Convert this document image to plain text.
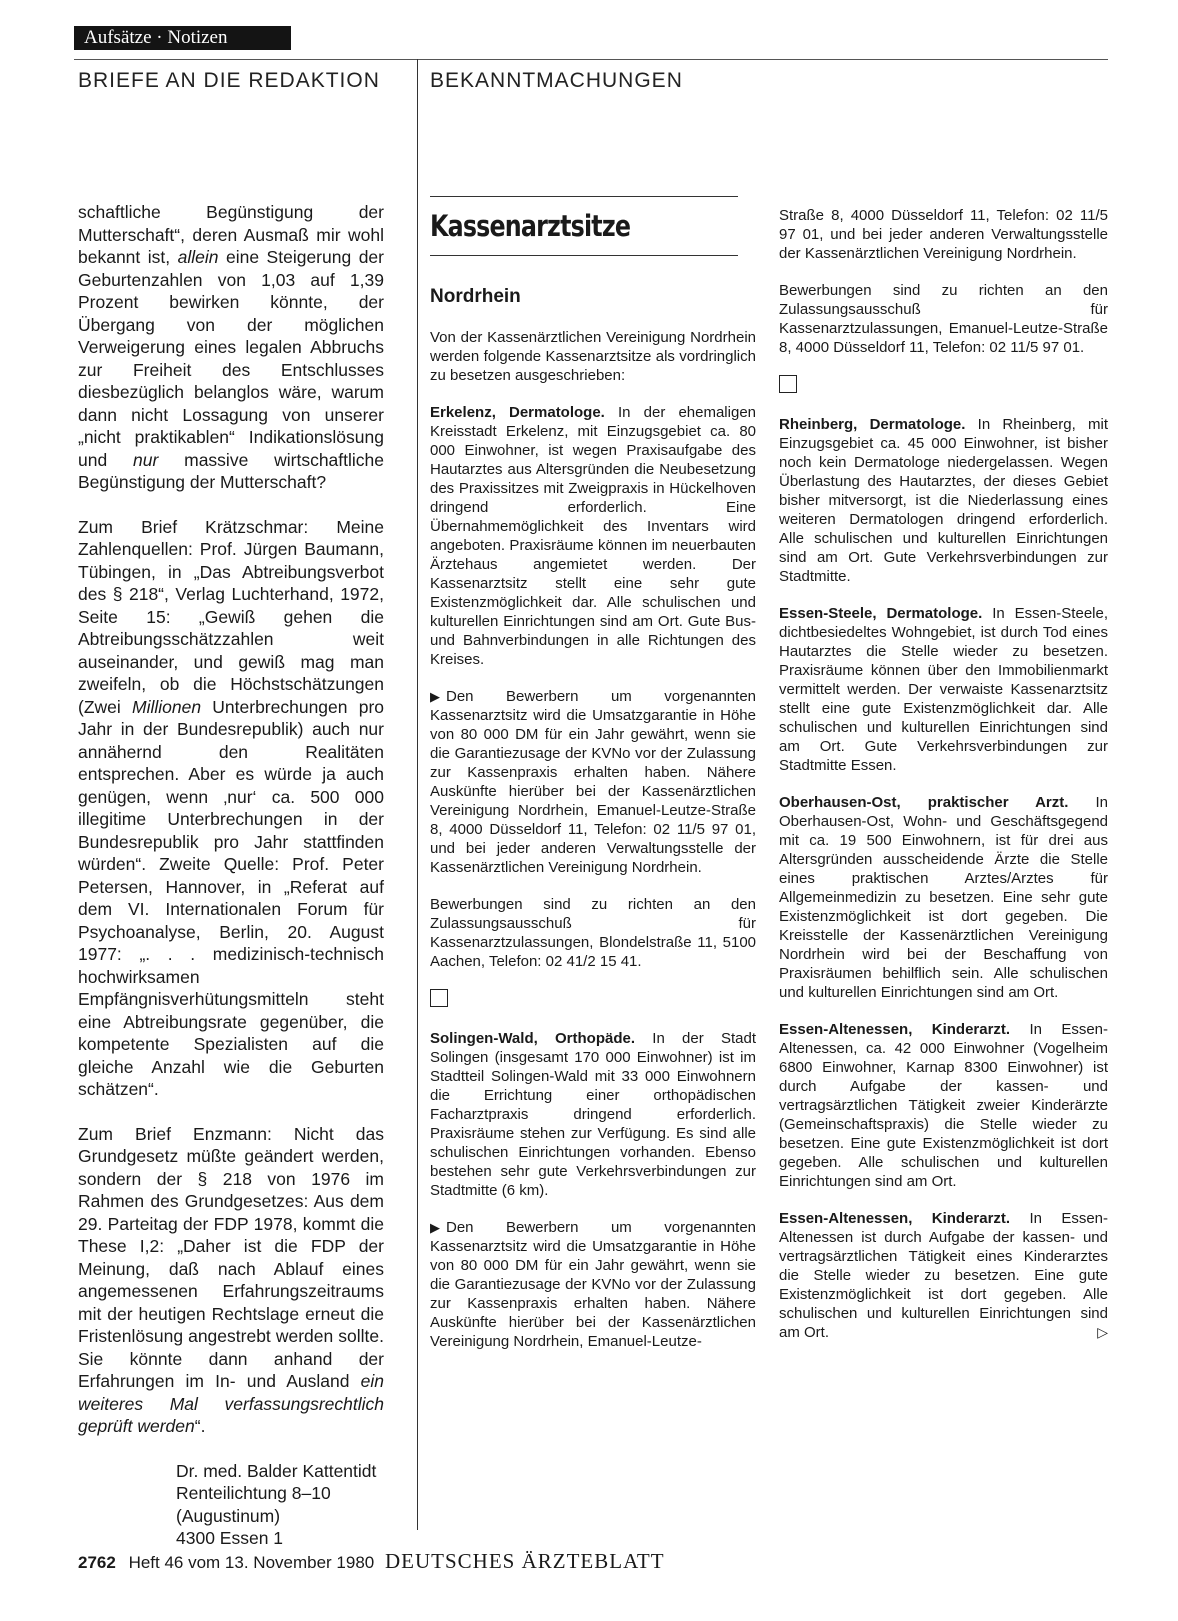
Aufsätze · Notizen
BRIEFE AN DIE REDAKTION BEKANNTMACHUNGEN

schaftliche Begünstigung der Mutterschaft“, deren Ausmaß mir wohl bekannt ist, allein eine Steigerung der Geburtenzahlen von 1,03 auf 1,39 Prozent bewirken könnte, der Übergang von der möglichen Verweigerung eines legalen Abbruchs zur Freiheit des Entschlusses diesbezüglich belanglos wäre, warum dann nicht Lossagung von unserer „nicht praktikablen“ Indikationslösung und nur massive wirtschaftliche Begünstigung der Mutterschaft?

Zum Brief Krätzschmar: Meine Zahlenquellen: Prof. Jürgen Baumann, Tübingen, in „Das Abtreibungsverbot des § 218“, Verlag Luchterhand, 1972, Seite 15: „Gewiß gehen die Abtreibungsschätzzahlen weit auseinander, und gewiß mag man zweifeln, ob die Höchstschätzungen (Zwei Millionen Unterbrechungen pro Jahr in der Bundesrepublik) auch nur annähernd den Realitäten entsprechen. Aber es würde ja auch genügen, wenn ‚nur‘ ca. 500 000 illegitime Unterbrechungen in der Bundesrepublik pro Jahr stattfinden würden“. Zweite Quelle: Prof. Peter Petersen, Hannover, in „Referat auf dem VI. Internationalen Forum für Psychoanalyse, Berlin, 20. August 1977: „. . . medizinisch-technisch hochwirksamen Empfängnisverhütungsmitteln steht eine Abtreibungsrate gegenüber, die kompetente Spezialisten auf die gleiche Anzahl wie die Geburten schätzen“.

Zum Brief Enzmann: Nicht das Grundgesetz müßte geändert werden, sondern der § 218 von 1976 im Rahmen des Grundgesetzes: Aus dem 29. Parteitag der FDP 1978, kommt die These I,2: „Daher ist die FDP der Meinung, daß nach Ablauf eines angemessenen Erfahrungszeitraums mit der heutigen Rechtslage erneut die Fristenlösung angestrebt werden sollte. Sie könnte dann anhand der Erfahrungen im In- und Ausland ein weiteres Mal verfassungsrechtlich geprüft werden“.

Dr. med. Balder Kattentidt

Renteilichtung 8–10

(Augustinum)

4300 Essen 1

Kassenarztsitze
Nordrhein

Von der Kassenärztlichen Vereinigung Nordrhein werden folgende Kassenarztsitze als vordringlich zu besetzen ausgeschrieben:

Erkelenz, Dermatologe. In der ehemaligen Kreisstadt Erkelenz, mit Einzugsgebiet ca. 80 000 Einwohner, ist wegen Praxisaufgabe des Hautarztes aus Altersgründen die Neubesetzung des Praxissitzes mit Zweigpraxis in Hückelhoven dringend erforderlich. Eine Übernahmemöglichkeit des Inventars wird angeboten. Praxisräume können im neuerbauten Ärztehaus angemietet werden. Der Kassenarztsitz stellt eine sehr gute Existenzmöglichkeit dar. Alle schulischen und kulturellen Einrichtungen sind am Ort. Gute Bus- und Bahnverbindungen in alle Richtungen des Kreises.

▶ Den Bewerbern um vorgenannten Kassenarztsitz wird die Umsatzgarantie in Höhe von 80 000 DM für ein Jahr gewährt, wenn sie die Garantiezusage der KVNo vor der Zulassung zur Kassenpraxis erhalten haben. Nähere Auskünfte hierüber bei der Kassenärztlichen Vereinigung Nordrhein, Emanuel-Leutze-Straße 8, 4000 Düsseldorf 11, Telefon: 02 11/5 97 01, und bei jeder anderen Verwaltungsstelle der Kassenärztlichen Vereinigung Nordrhein.

Bewerbungen sind zu richten an den Zulassungsausschuß für Kassenarztzulassungen, Blondelstraße 11, 5100 Aachen, Telefon: 02 41/2 15 41.

Solingen-Wald, Orthopäde. In der Stadt Solingen (insgesamt 170 000 Einwohner) ist im Stadtteil Solingen-Wald mit 33 000 Einwohnern die Errichtung einer orthopädischen Facharztpraxis dringend erforderlich. Praxisräume stehen zur Verfügung. Es sind alle schulischen Einrichtungen vorhanden. Ebenso bestehen sehr gute Verkehrsverbindungen zur Stadtmitte (6 km).

▶ Den Bewerbern um vorgenannten Kassenarztsitz wird die Umsatzgarantie in Höhe von 80 000 DM für ein Jahr gewährt, wenn sie die Garantiezusage der KVNo vor der Zulassung zur Kassenpraxis erhalten haben. Nähere Auskünfte hierüber bei der Kassenärztlichen Vereinigung Nordrhein, Emanuel-Leutze-

Straße 8, 4000 Düsseldorf 11, Telefon: 02 11/5 97 01, und bei jeder anderen Verwaltungsstelle der Kassenärztlichen Vereinigung Nordrhein.

Bewerbungen sind zu richten an den Zulassungsausschuß für Kassenarztzulassungen, Emanuel-Leutze-Straße 8, 4000 Düsseldorf 11, Telefon: 02 11/5 97 01.

Rheinberg, Dermatologe. In Rheinberg, mit Einzugsgebiet ca. 45 000 Einwohner, ist bisher noch kein Dermatologe niedergelassen. Wegen Überlastung des Hautarztes, der dieses Gebiet bisher mitversorgt, ist die Niederlassung eines weiteren Dermatologen dringend erforderlich. Alle schulischen und kulturellen Einrichtungen sind am Ort. Gute Verkehrsverbindungen zur Stadtmitte.

Essen-Steele, Dermatologe. In Essen-Steele, dichtbesiedeltes Wohngebiet, ist durch Tod eines Hautarztes die Stelle wieder zu besetzen. Praxisräume können über den Immobilienmarkt vermittelt werden. Der verwaiste Kassenarztsitz stellt eine gute Existenzmöglichkeit dar. Alle schulischen und kulturellen Einrichtungen sind am Ort. Gute Verkehrsverbindungen zur Stadtmitte Essen.

Oberhausen-Ost, praktischer Arzt. In Oberhausen-Ost, Wohn- und Geschäftsgegend mit ca. 19 500 Einwohnern, ist für drei aus Altersgründen ausscheidende Ärzte die Stelle eines praktischen Arztes/Arztes für Allgemeinmedizin zu besetzen. Eine sehr gute Existenzmöglichkeit ist dort gegeben. Die Kreisstelle der Kassenärztlichen Vereinigung Nordrhein wird bei der Beschaffung von Praxisräumen behilflich sein. Alle schulischen und kulturellen Einrichtungen sind am Ort.

Essen-Altenessen, Kinderarzt. In Essen-Altenessen, ca. 42 000 Einwohner (Vogelheim 6800 Einwohner, Karnap 8300 Einwohner) ist durch Aufgabe der kassen- und vertragsärztlichen Tätigkeit zweier Kinderärzte (Gemeinschaftspraxis) die Stelle wieder zu besetzen. Eine gute Existenzmöglichkeit ist dort gegeben. Alle schulischen und kulturellen Einrichtungen sind am Ort.

Essen-Altenessen, Kinderarzt. In Essen-Altenessen ist durch Aufgabe der kassen- und vertragsärztlichen Tätigkeit eines Kinderarztes die Stelle wieder zu besetzen. Eine gute Existenzmöglichkeit ist dort gegeben. Alle schulischen und kulturellen Einrichtungen sind am Ort.	▷

2762 Heft 46 vom 13. November 1980 DEUTSCHES ÄRZTEBLATT
